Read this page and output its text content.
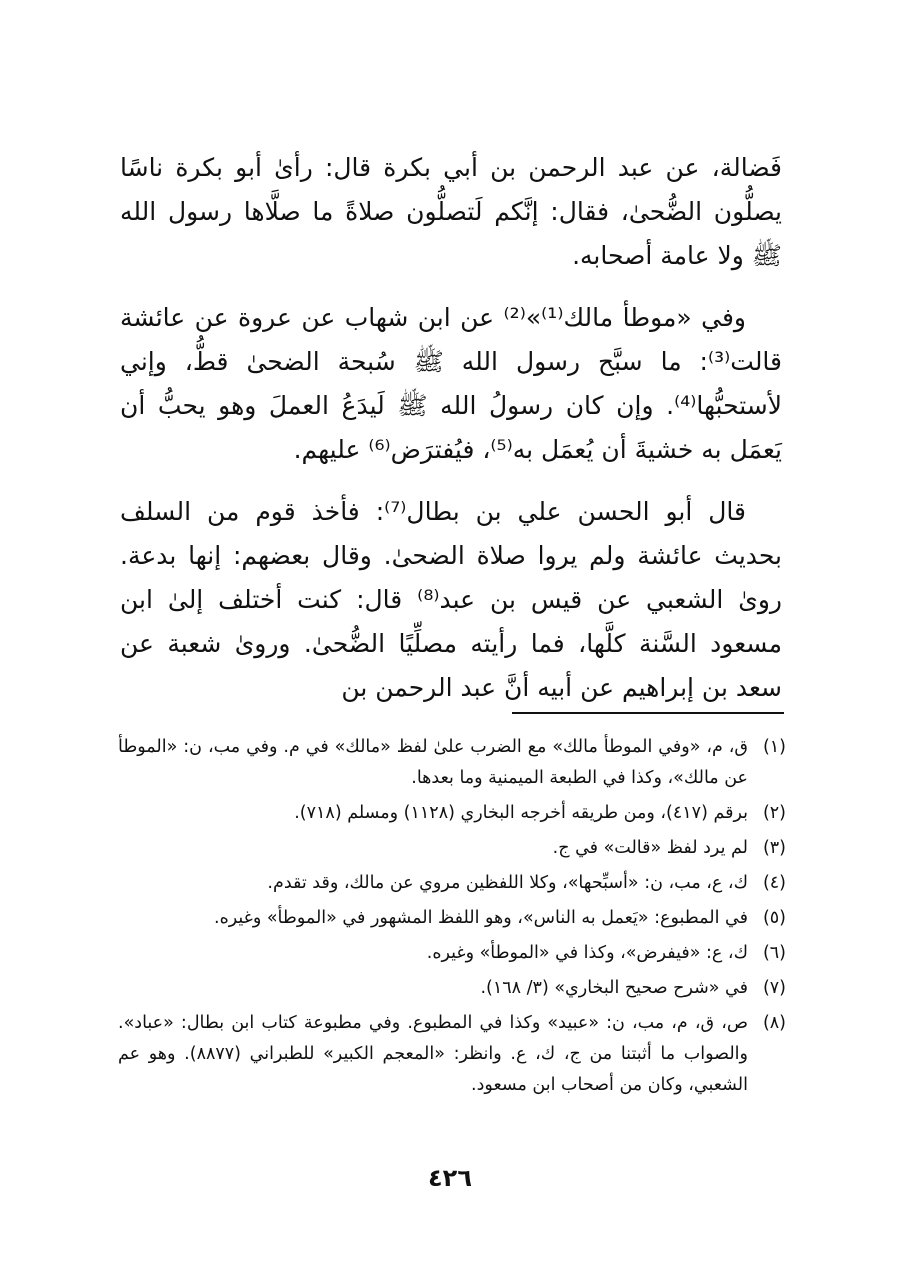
فَضالة، عن عبد الرحمن بن أبي بكرة قال: رأىٰ أبو بكرة ناسًا يصلُّون الضُّحىٰ، فقال: إنَّكم لَتصلُّون صلاةً ما صلَّاها رسول الله ﷺ ولا عامة أصحابه.

وفي «موطأ مالك⁽¹⁾»⁽²⁾ عن ابن شهاب عن عروة عن عائشة قالت⁽³⁾: ما سبَّح رسول الله ﷺ سُبحة الضحىٰ قطُّ، وإني لأستحبُّها⁽⁴⁾. وإن كان رسولُ الله ﷺ لَيدَعُ العملَ وهو يحبُّ أن يَعمَل به خشيةَ أن يُعمَل به⁽⁵⁾، فيُفترَض⁽⁶⁾ عليهم.

قال أبو الحسن علي بن بطال⁽⁷⁾: فأخذ قوم من السلف بحديث عائشة ولم يروا صلاة الضحىٰ. وقال بعضهم: إنها بدعة. روىٰ الشعبي عن قيس بن عبد⁽⁸⁾ قال: كنت أختلف إلىٰ ابن مسعود السَّنة كلَّها، فما رأيته مصلِّيًا الضُّحىٰ. وروىٰ شعبة عن سعد بن إبراهيم عن أبيه أنَّ عبد الرحمن بن

(١)
ق، م، «وفي الموطأ مالك» مع الضرب علىٰ لفظ «مالك» في م. وفي مب، ن: «الموطأ عن مالك»، وكذا في الطبعة الميمنية وما بعدها.
(٢)
برقم (٤١٧)، ومن طريقه أخرجه البخاري (١١٢٨) ومسلم (٧١٨).
(٣)
لم يرد لفظ «قالت» في ج.
(٤)
ك، ع، مب، ن: «أسبِّحها»، وكلا اللفظين مروي عن مالك، وقد تقدم.
(٥)
في المطبوع: «يَعمل به الناس»، وهو اللفظ المشهور في «الموطأ» وغيره.
(٦)
ك، ع: «فيفرض»، وكذا في «الموطأ» وغيره.
(٧)
في «شرح صحيح البخاري» (٣/ ١٦٨).
(٨)
ص، ق، م، مب، ن: «عبيد» وكذا في المطبوع. وفي مطبوعة كتاب ابن بطال: «عباد». والصواب ما أثبتنا من ج، ك، ع. وانظر: «المعجم الكبير» للطبراني (٨٨٧٧). وهو عم الشعبي، وكان من أصحاب ابن مسعود.
٤٢٦
